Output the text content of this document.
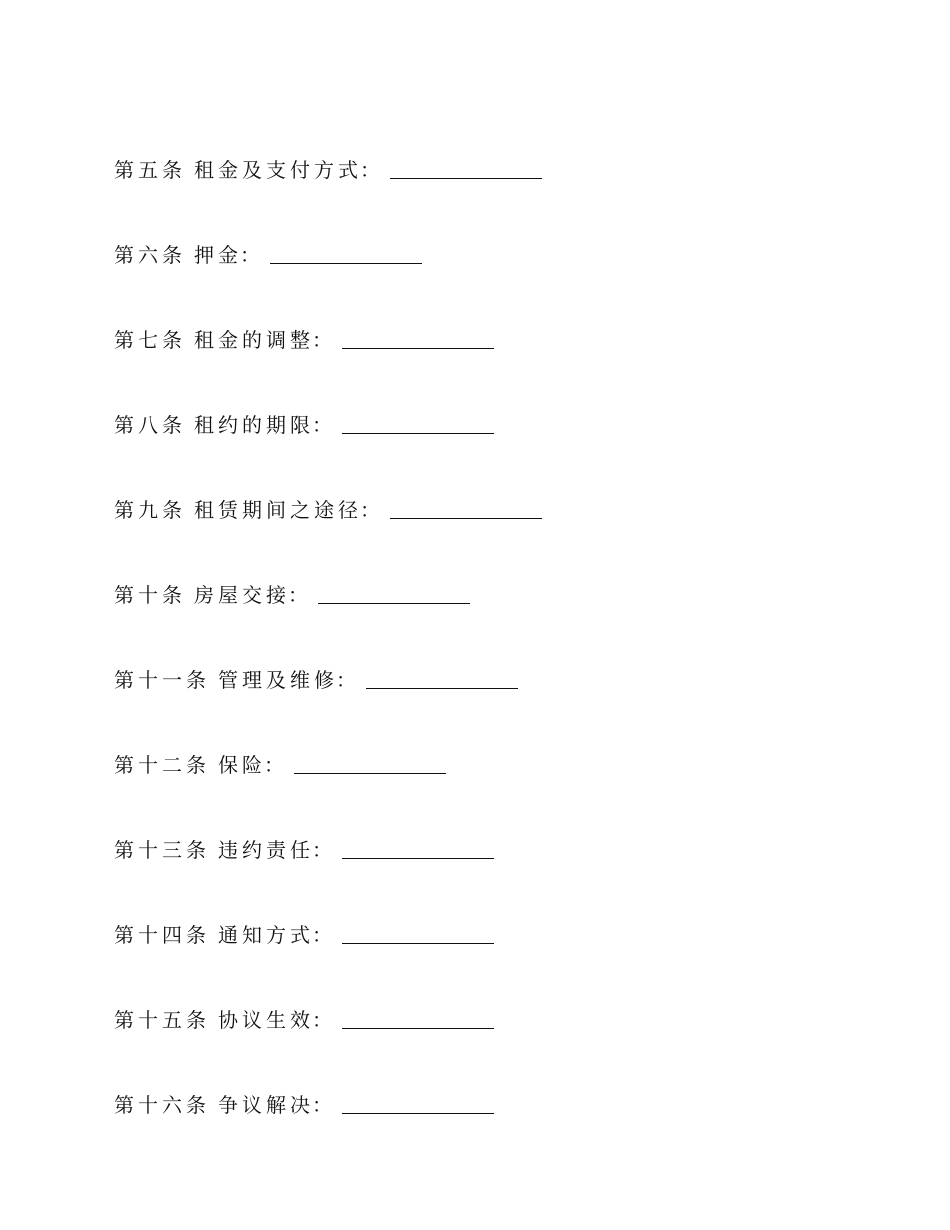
第五条 租金及支付方式
：
第六条 押金
：
第七条 租金的调整
：
第八条 租约的期限
：
第九条 租赁期间之途径
：
第十条 房屋交接
：
第十一条 管理及维修
：
第十二条 保险
：
第十三条 违约责任
：
第十四条 通知方式
：
第十五条 协议生效
：
第十六条 争议解决
：
